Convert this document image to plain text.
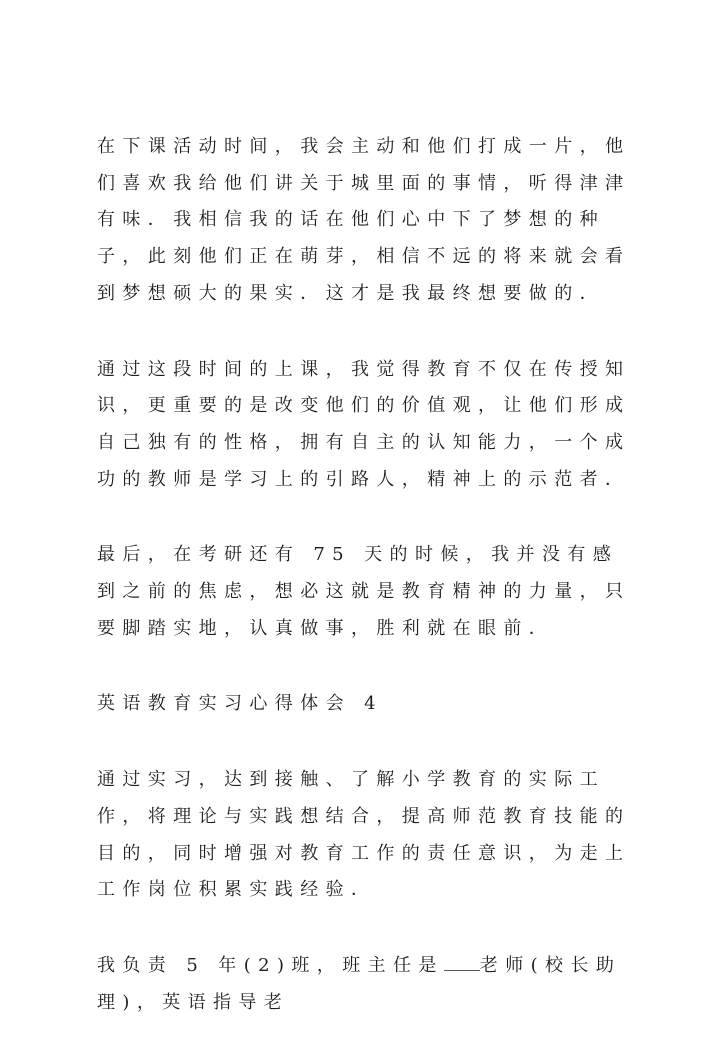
在下课活动时间，我会主动和他们打成一片，他们喜欢我给他们讲关于城里面的事情，听得津津有味．我相信我的话在他们心中下了梦想的种子，此刻他们正在萌芽，相信不远的将来就会看到梦想硕大的果实．这才是我最终想要做的．

通过这段时间的上课，我觉得教育不仅在传授知识，更重要的是改变他们的价值观，让他们形成自己独有的性格，拥有自主的认知能力，一个成功的教师是学习上的引路人，精神上的示范者．

最后，在考研还有 75 天的时候，我并没有感到之前的焦虑，想必这就是教育精神的力量，只要脚踏实地，认真做事，胜利就在眼前．

英语教育实习心得体会 4

通过实习，达到接触、了解小学教育的实际工作，将理论与实践想结合，提高师范教育技能的目的，同时增强对教育工作的责任意识，为走上工作岗位积累实践经验．

我负责 5 年(2)班，班主任是 老师(校长助理)，英语指导老
